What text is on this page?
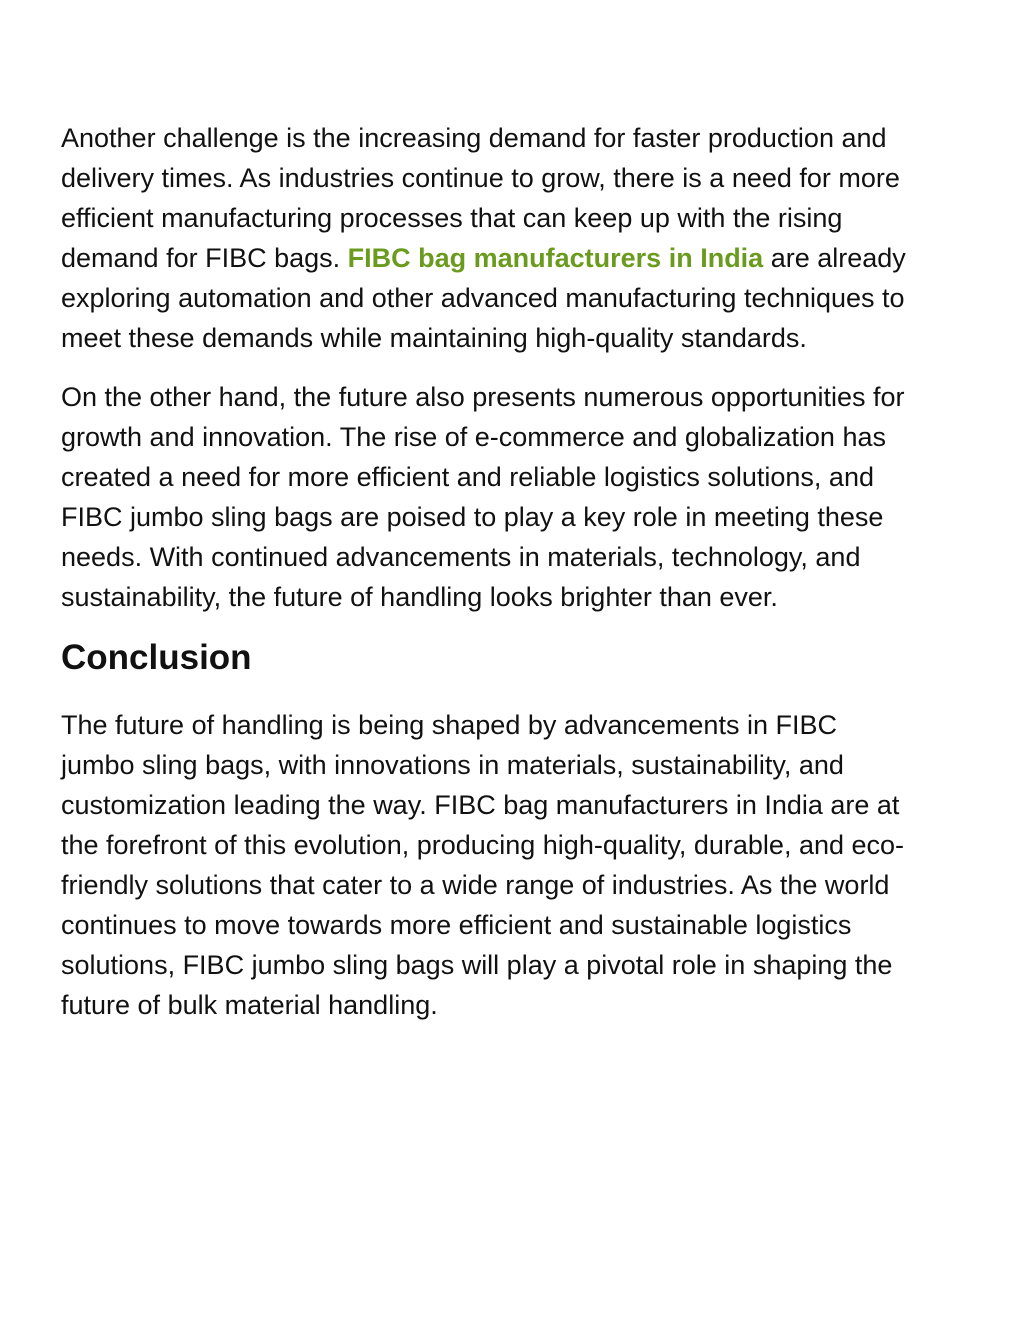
Another challenge is the increasing demand for faster production and delivery times. As industries continue to grow, there is a need for more efficient manufacturing processes that can keep up with the rising demand for FIBC bags. FIBC bag manufacturers in India are already exploring automation and other advanced manufacturing techniques to meet these demands while maintaining high-quality standards.

On the other hand, the future also presents numerous opportunities for growth and innovation. The rise of e-commerce and globalization has created a need for more efficient and reliable logistics solutions, and FIBC jumbo sling bags are poised to play a key role in meeting these needs. With continued advancements in materials, technology, and sustainability, the future of handling looks brighter than ever.

Conclusion

The future of handling is being shaped by advancements in FIBC jumbo sling bags, with innovations in materials, sustainability, and customization leading the way. FIBC bag manufacturers in India are at the forefront of this evolution, producing high-quality, durable, and eco-friendly solutions that cater to a wide range of industries. As the world continues to move towards more efficient and sustainable logistics solutions, FIBC jumbo sling bags will play a pivotal role in shaping the future of bulk material handling.
